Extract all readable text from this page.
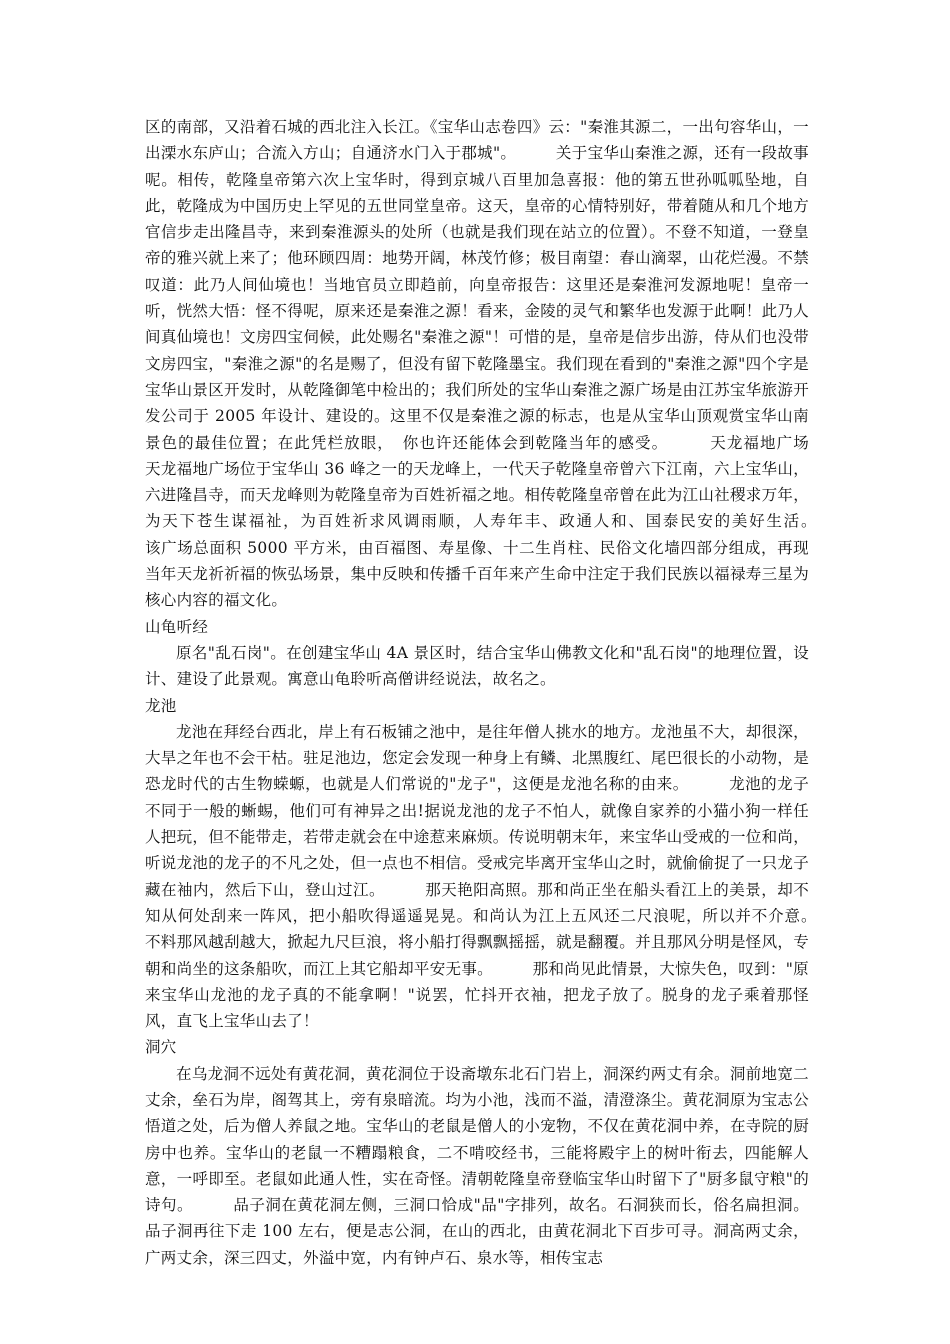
区的南部，又沿着石城的西北注入长江。《宝华山志卷四》云："秦淮其源二，一出句容华山，一出溧水东庐山；合流入方山；自通济水门入于郡城"。　　　关于宝华山秦淮之源，还有一段故事呢。相传，乾隆皇帝第六次上宝华时，得到京城八百里加急喜报：他的第五世孙呱呱坠地，自此，乾隆成为中国历史上罕见的五世同堂皇帝。这天，皇帝的心情特别好，带着随从和几个地方官信步走出隆昌寺，来到秦淮源头的处所（也就是我们现在站立的位置）。不登不知道，一登皇帝的雅兴就上来了；他环顾四周：地势开阔，林茂竹修；极目南望：春山滴翠，山花烂漫。不禁叹道：此乃人间仙境也！当地官员立即趋前，向皇帝报告：这里还是秦淮河发源地呢！皇帝一听，恍然大悟：怪不得呢，原来还是秦淮之源！看来，金陵的灵气和繁华也发源于此啊！此乃人间真仙境也！文房四宝伺候，此处赐名"秦淮之源"！可惜的是，皇帝是信步出游，侍从们也没带文房四宝，"秦淮之源"的名是赐了，但没有留下乾隆墨宝。我们现在看到的"秦淮之源"四个字是宝华山景区开发时，从乾隆御笔中检出的；我们所处的宝华山秦淮之源广场是由江苏宝华旅游开发公司于 2005 年设计、建设的。这里不仅是秦淮之源的标志，也是从宝华山顶观赏宝华山南景色的最佳位置；在此凭栏放眼，　你也许还能体会到乾隆当年的感受。　　　天龙福地广场　　　天龙福地广场位于宝华山 36 峰之一的天龙峰上，一代天子乾隆皇帝曾六下江南，六上宝华山，六进隆昌寺，而天龙峰则为乾隆皇帝为百姓祈福之地。相传乾隆皇帝曾在此为江山社稷求万年，为天下苍生谋福祉，为百姓祈求风调雨顺，人寿年丰、政通人和、国泰民安的美好生活。　　　该广场总面积 5000 平方米，由百福图、寿星像、十二生肖柱、民俗文化墙四部分组成，再现当年天龙祈祈福的恢弘场景，集中反映和传播千百年来产生命中注定于我们民族以福禄寿三星为核心内容的福文化。

山龟听经

原名"乱石岗"。在创建宝华山 4A 景区时，结合宝华山佛教文化和"乱石岗"的地理位置，设计、建设了此景观。寓意山龟聆听高僧讲经说法，故名之。

龙池

龙池在拜经台西北，岸上有石板铺之池中，是往年僧人挑水的地方。龙池虽不大，却很深，大旱之年也不会干枯。驻足池边，您定会发现一种身上有鳞、北黑腹红、尾巴很长的小动物，是恐龙时代的古生物蝾螈，也就是人们常说的"龙子"，这便是龙池名称的由来。　　　龙池的龙子不同于一般的蜥蜴，他们可有神异之出!据说龙池的龙子不怕人，就像自家养的小猫小狗一样任人把玩，但不能带走，若带走就会在中途惹来麻烦。传说明朝末年，来宝华山受戒的一位和尚，听说龙池的龙子的不凡之处，但一点也不相信。受戒完毕离开宝华山之时，就偷偷捉了一只龙子藏在袖内，然后下山，登山过江。　　　那天艳阳高照。那和尚正坐在船头看江上的美景，却不知从何处刮来一阵风，把小船吹得遥遥晃晃。和尚认为江上五风还二尺浪呢，所以并不介意。　　　不料那风越刮越大，掀起九尺巨浪，将小船打得飘飘摇摇，就是翻覆。并且那风分明是怪风，专朝和尚坐的这条船吹，而江上其它船却平安无事。　　　那和尚见此情景，大惊失色，叹到："原来宝华山龙池的龙子真的不能拿啊！"说罢，忙抖开衣袖，把龙子放了。脱身的龙子乘着那怪风，直飞上宝华山去了！

洞穴

在乌龙洞不远处有黄花洞，黄花洞位于设斋墩东北石门岩上，洞深约两丈有余。洞前地宽二丈余，垒石为岸，阁驾其上，旁有泉暗流。均为小池，浅而不溢，清澄涤尘。黄花洞原为宝志公悟道之处，后为僧人养鼠之地。宝华山的老鼠是僧人的小宠物，不仅在黄花洞中养，在寺院的厨房中也养。宝华山的老鼠一不糟蹋粮食，二不啃咬经书，三能将殿宇上的树叶衔去，四能解人意，一呼即至。老鼠如此通人性，实在奇怪。清朝乾隆皇帝登临宝华山时留下了"厨多鼠守粮"的诗句。　　　品子洞在黄花洞左侧，三洞口恰成"品"字排列，故名。石洞狭而长，俗名扁担洞。品子洞再往下走 100 左右，便是志公洞，在山的西北，由黄花洞北下百步可寻。洞高两丈余，广两丈余，深三四丈，外溢中宽，内有钟卢石、泉水等，相传宝志
